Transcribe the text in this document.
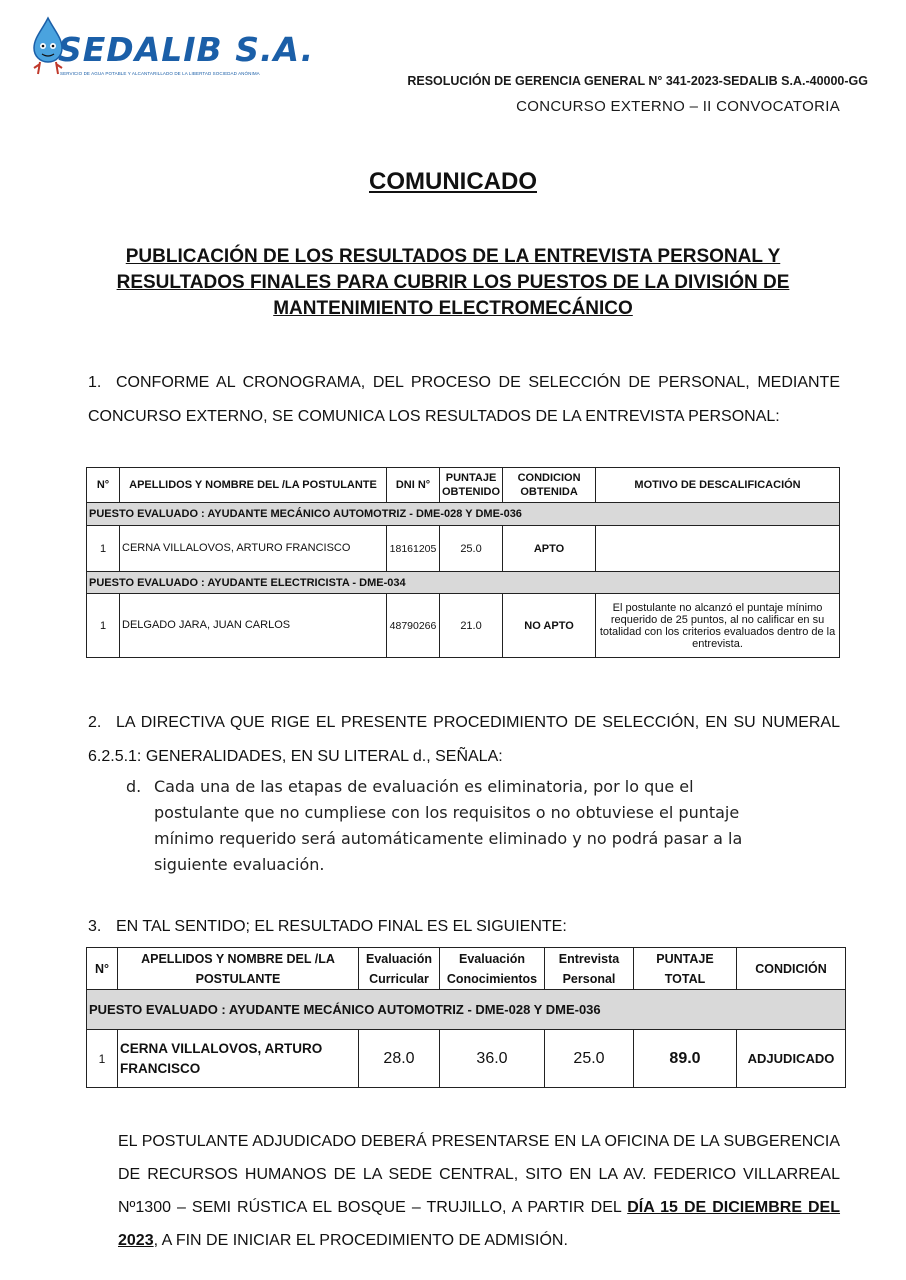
SEDALIB S.A.
SERVICIO DE AGUA POTABLE Y ALCANTARILLADO DE LA LIBERTAD SOCIEDAD ANÓNIMA
RESOLUCIÓN DE GERENCIA GENERAL N° 341-2023-SEDALIB S.A.-40000-GG
CONCURSO EXTERNO – II CONVOCATORIA
COMUNICADO
PUBLICACIÓN DE LOS RESULTADOS DE LA ENTREVISTA PERSONAL Y RESULTADOS FINALES PARA CUBRIR LOS PUESTOS DE LA DIVISIÓN DE MANTENIMIENTO ELECTROMECÁNICO
1. CONFORME AL CRONOGRAMA, DEL PROCESO DE SELECCIÓN DE PERSONAL, MEDIANTE CONCURSO EXTERNO, SE COMUNICA LOS RESULTADOS DE LA ENTREVISTA PERSONAL:
N°	APELLIDOS Y NOMBRE DEL /LA POSTULANTE	DNI N°	PUNTAJE OBTENIDO	CONDICION OBTENIDA	MOTIVO DE DESCALIFICACIÓN
PUESTO EVALUADO : AYUDANTE MECÁNICO AUTOMOTRIZ - DME-028 Y DME-036					
1	CERNA VILLALOVOS, ARTURO FRANCISCO	18161205	25.0	APTO	
PUESTO EVALUADO : AYUDANTE ELECTRICISTA - DME-034					
1	DELGADO JARA, JUAN CARLOS	48790266	21.0	NO APTO	El postulante no alcanzó el puntaje mínimo requerido de 25 puntos, al no calificar en su totalidad con los criterios evaluados dentro de la entrevista.
2. LA DIRECTIVA QUE RIGE EL PRESENTE PROCEDIMIENTO DE SELECCIÓN, EN SU NUMERAL 6.2.5.1: GENERALIDADES, EN SU LITERAL d., SEÑALA:
d. Cada una de las etapas de evaluación es eliminatoria, por lo que el postulante que no cumpliese con los requisitos o no obtuviese el puntaje mínimo requerido será automáticamente eliminado y no podrá pasar a la siguiente evaluación.
3. EN TAL SENTIDO; EL RESULTADO FINAL ES EL SIGUIENTE:
N°	APELLIDOS Y NOMBRE DEL /LA POSTULANTE	Evaluación Curricular	Evaluación Conocimientos	Entrevista Personal	PUNTAJE TOTAL	CONDICIÓN
PUESTO EVALUADO : AYUDANTE MECÁNICO AUTOMOTRIZ - DME-028 Y DME-036						
1	CERNA VILLALOVOS, ARTURO FRANCISCO	28.0	36.0	25.0	89.0	ADJUDICADO
EL POSTULANTE ADJUDICADO DEBERÁ PRESENTARSE EN LA OFICINA DE LA SUBGERENCIA DE RECURSOS HUMANOS DE LA SEDE CENTRAL, SITO EN LA AV. FEDERICO VILLARREAL Nº1300 – SEMI RÚSTICA EL BOSQUE – TRUJILLO, A PARTIR DEL DÍA 15 DE DICIEMBRE DEL 2023, A FIN DE INICIAR EL PROCEDIMIENTO DE ADMISIÓN.
